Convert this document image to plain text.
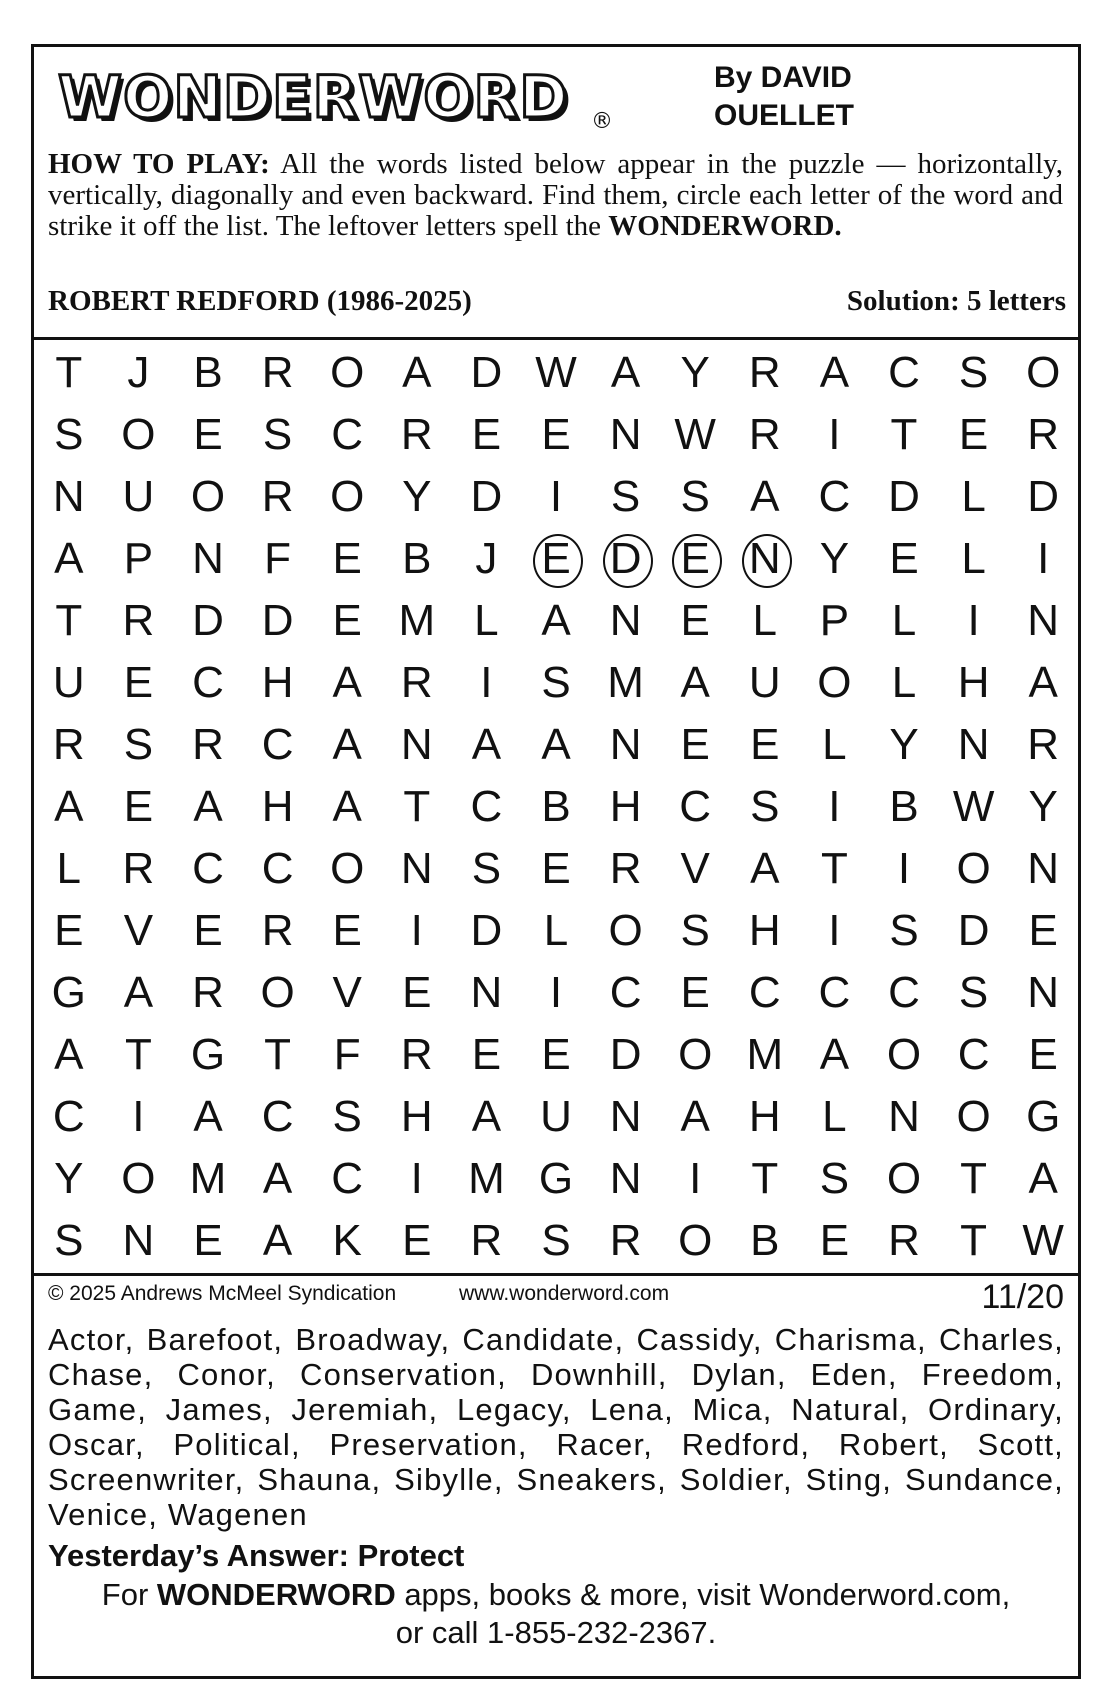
WONDERWORD ®
By DAVID
OUELLET
HOW TO PLAY: All the words listed below appear in the puzzle — horizontally, vertically, diagonally and even backward. Find them, circle each letter of the word and strike it off the list. The leftover letters spell the WONDERWORD.
ROBERT REDFORD (1986-2025)	Solution: 5 letters
T	J B R O A D W A Y R A C S O
S O E S C R E E N W R	I	T E R
N U O R O Y D	I	S S A C D L D
A P N F E B J E D E N Y E L	I
T R D D E M L A N E L P L	I	N
U E C H A R	I	S M A U O L H A
R S R C A N A A N E E L Y N R
A E A H A T C B H C S	I	B W Y
L R C C O N S E R V A T	I	O N
E V E R E	I	D L O S H	I	S D E
G A R O V E N	I	C E C C C S N
A T G T F R E E D O M A O C E
C	I	A C S H A U N A H L N O G
Y O M A C	I	M G N	I	T S O T A
S N E A K E R S R O B E R T W
© 2025 Andrews McMeel Syndication	www.wonderword.com	11/20
Actor, Barefoot, Broadway, Candidate, Cassidy, Charisma, Charles, Chase, Conor, Conservation, Downhill, Dylan, Eden, Freedom, Game, James, Jeremiah, Legacy, Lena, Mica, Natural, Ordinary, Oscar, Political, Preservation, Racer, Redford, Robert, Scott, Screenwriter, Shauna, Sibylle, Sneakers, Soldier, Sting, Sundance, Venice, Wagenen
Yesterday’s Answer: Protect
For WONDERWORD apps, books & more, visit Wonderword.com,
or call 1-855-232-2367.
